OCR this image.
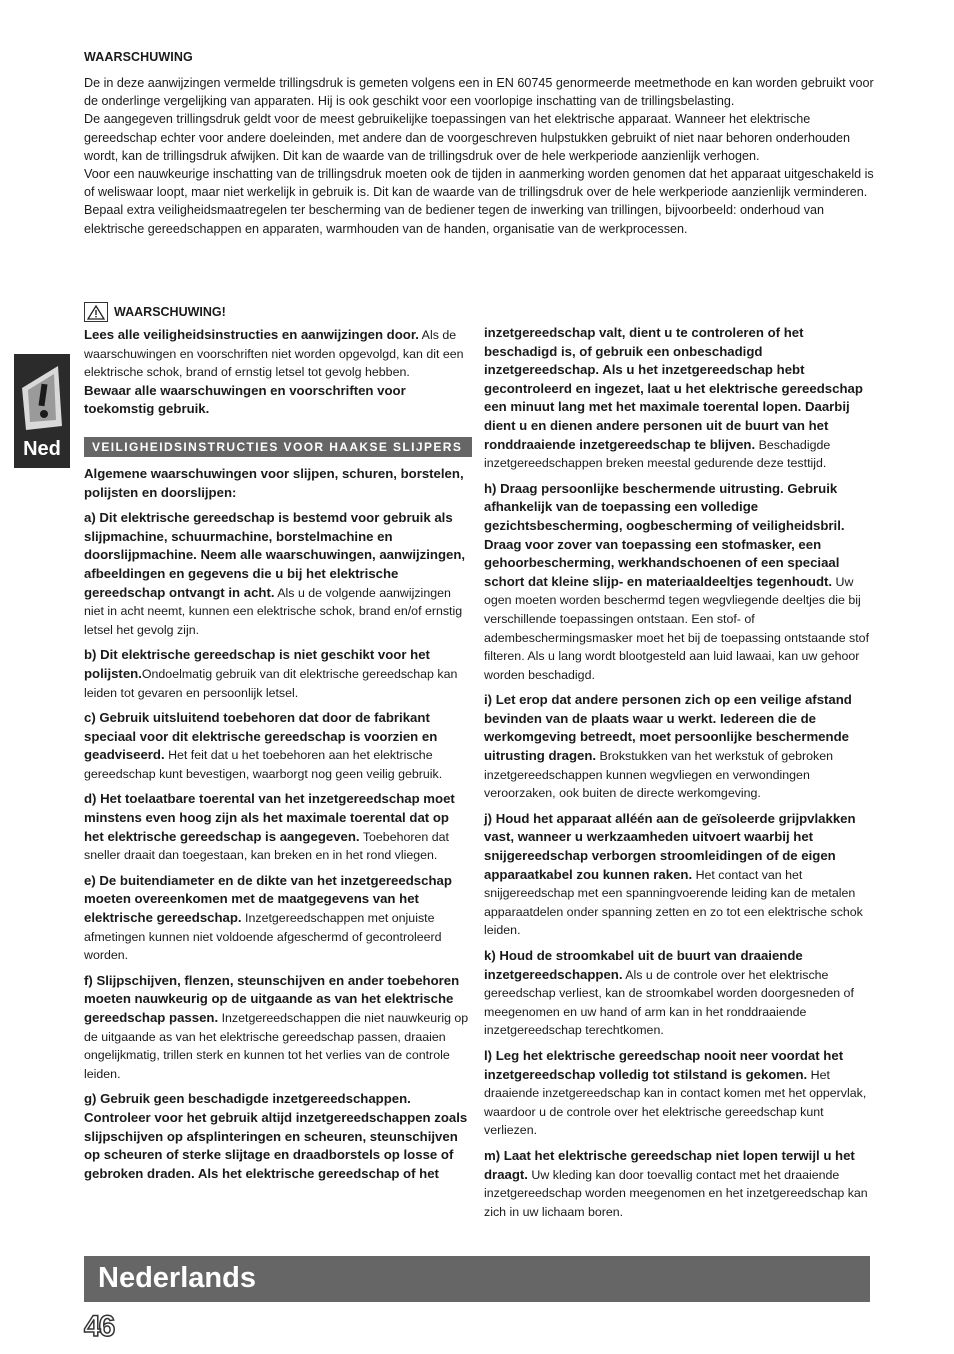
WAARSCHUWING

De in deze aanwijzingen vermelde trillingsdruk is gemeten volgens een in EN 60745 genormeerde meetmethode en kan worden gebruikt voor de onderlinge vergelijking van apparaten. Hij is ook geschikt voor een voorlopige inschatting van de trillingsbelasting.

De aangegeven trillingsdruk geldt voor de meest gebruikelijke toepassingen van het elektrische apparaat. Wanneer het elektrische gereedschap echter voor andere doeleinden, met andere dan de voorgeschreven hulpstukken gebruikt of niet naar behoren onderhouden wordt, kan de trillingsdruk afwijken. Dit kan de waarde van de trillingsdruk over de hele werkperiode aanzienlijk verhogen.

Voor een nauwkeurige inschatting van de trillingsdruk moeten ook de tijden in aanmerking worden genomen dat het apparaat uitgeschakeld is of weliswaar loopt, maar niet werkelijk in gebruik is. Dit kan de waarde van de trillingsdruk over de hele werkperiode aanzienlijk verminderen.

Bepaal extra veiligheidsmaatregelen ter bescherming van de bediener tegen de inwerking van trillingen, bijvoorbeeld: onderhoud van elektrische gereedschappen en apparaten, warmhouden van de handen, organisatie van de werkprocessen.

Ned
WAARSCHUWING!

Lees alle veiligheidsinstructies en aanwijzingen door. Als de waarschuwingen en voorschriften niet worden opgevolgd, kan dit een elektrische schok, brand of ernstig letsel tot gevolg hebben.
Bewaar alle waarschuwingen en voorschriften voor toekomstig gebruik.

VEILIGHEIDSINSTRUCTIES VOOR HAAKSE SLIJPERS

Algemene waarschuwingen voor slijpen, schuren, borstelen, polijsten en doorslijpen:

a) Dit elektrische gereedschap is bestemd voor gebruik als slijpmachine, schuurmachine, borstelmachine en doorslijpmachine. Neem alle waarschuwingen, aanwijzingen, afbeeldingen en gegevens die u bij het elektrische gereedschap ontvangt in acht. Als u de volgende aanwijzingen niet in acht neemt, kunnen een elektrische schok, brand en/of ernstig letsel het gevolg zijn.

b) Dit elektrische gereedschap is niet geschikt voor het polijsten.Ondoelmatig gebruik van dit elektrische gereedschap kan leiden tot gevaren en persoonlijk letsel.

c) Gebruik uitsluitend toebehoren dat door de fabrikant speciaal voor dit elektrische gereedschap is voorzien en geadviseerd. Het feit dat u het toebehoren aan het elektrische gereedschap kunt bevestigen, waarborgt nog geen veilig gebruik.

d) Het toelaatbare toerental van het inzetgereedschap moet minstens even hoog zijn als het maximale toerental dat op het elektrische gereedschap is aangegeven. Toebehoren dat sneller draait dan toegestaan, kan breken en in het rond vliegen.

e) De buitendiameter en de dikte van het inzetgereedschap moeten overeenkomen met de maatgegevens van het elektrische gereedschap. Inzetgereedschappen met onjuiste afmetingen kunnen niet voldoende afgeschermd of gecontroleerd worden.

f) Slijpschijven, flenzen, steunschijven en ander toebehoren moeten nauwkeurig op de uitgaande as van het elektrische gereedschap passen. Inzetgereedschappen die niet nauwkeurig op de uitgaande as van het elektrische gereedschap passen, draaien ongelijkmatig, trillen sterk en kunnen tot het verlies van de controle leiden.

g) Gebruik geen beschadigde inzetgereedschappen. Controleer voor het gebruik altijd inzetgereedschappen zoals slijpschijven op afsplinteringen en scheuren, steunschijven op scheuren of sterke slijtage en draadborstels op losse of gebroken draden. Als het elektrische gereedschap of het

inzetgereedschap valt, dient u te controleren of het beschadigd is, of gebruik een onbeschadigd inzetgereedschap. Als u het inzetgereedschap hebt gecontroleerd en ingezet, laat u het elektrische gereedschap een minuut lang met het maximale toerental lopen. Daarbij dient u en dienen andere personen uit de buurt van het ronddraaiende inzetgereedschap te blijven. Beschadigde inzetgereedschappen breken meestal gedurende deze testtijd.

h) Draag persoonlijke beschermende uitrusting. Gebruik afhankelijk van de toepassing een volledige gezichtsbescherming, oogbescherming of veiligheidsbril. Draag voor zover van toepassing een stofmasker, een gehoorbescherming, werkhandschoenen of een speciaal schort dat kleine slijp- en materiaaldeeltjes tegenhoudt. Uw ogen moeten worden beschermd tegen wegvliegende deeltjes die bij verschillende toepassingen ontstaan. Een stof- of adembeschermingsmasker moet het bij de toepassing ontstaande stof filteren. Als u lang wordt blootgesteld aan luid lawaai, kan uw gehoor worden beschadigd.

i) Let erop dat andere personen zich op een veilige afstand bevinden van de plaats waar u werkt. Iedereen die de werkomgeving betreedt, moet persoonlijke beschermende uitrusting dragen. Brokstukken van het werkstuk of gebroken inzetgereedschappen kunnen wegvliegen en verwondingen veroorzaken, ook buiten de directe werkomgeving.

j) Houd het apparaat alléén aan de geïsoleerde grijpvlakken vast, wanneer u werkzaamheden uitvoert waarbij het snijgereedschap verborgen stroomleidingen of de eigen apparaatkabel zou kunnen raken. Het contact van het snijgereedschap met een spanningvoerende leiding kan de metalen apparaatdelen onder spanning zetten en zo tot een elektrische schok leiden.

k) Houd de stroomkabel uit de buurt van draaiende inzetgereedschappen. Als u de controle over het elektrische gereedschap verliest, kan de stroomkabel worden doorgesneden of meegenomen en uw hand of arm kan in het ronddraaiende inzetgereedschap terechtkomen.

l) Leg het elektrische gereedschap nooit neer voordat het inzetgereedschap volledig tot stilstand is gekomen. Het draaiende inzetgereedschap kan in contact komen met het oppervlak, waardoor u de controle over het elektrische gereedschap kunt verliezen.

m) Laat het elektrische gereedschap niet lopen terwijl u het draagt. Uw kleding kan door toevallig contact met het draaiende inzetgereedschap worden meegenomen en het inzetgereedschap kan zich in uw lichaam boren.

Nederlands
46
